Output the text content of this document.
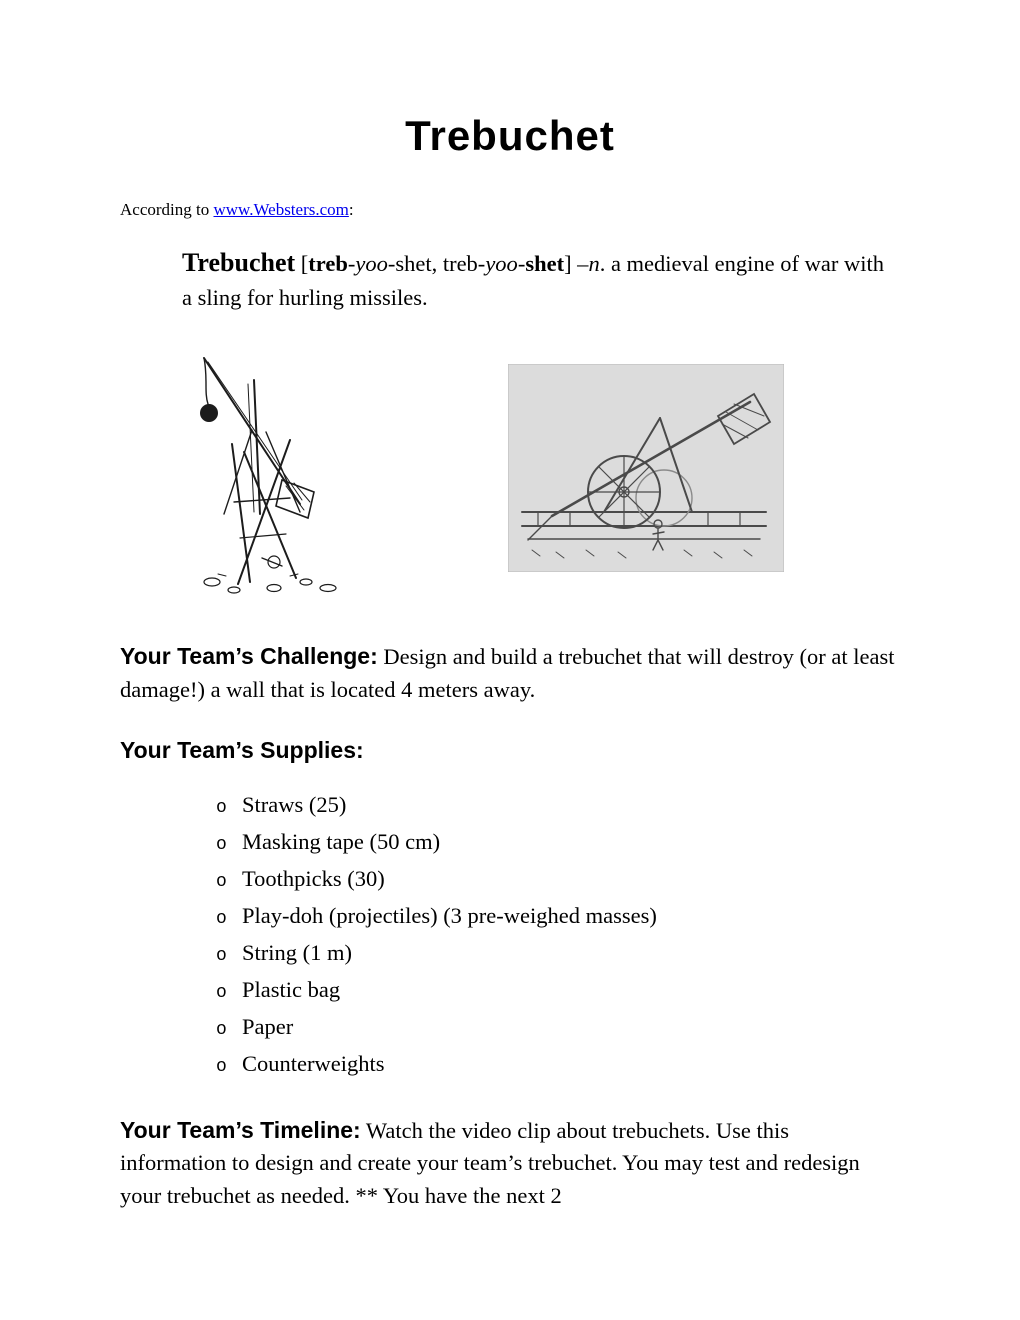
Trebuchet

According to www.Websters.com:

Trebuchet [treb-yoo-shet, treb-yoo-shet] –n. a medieval engine of war with a sling for hurling missiles.

Your Team’s Challenge: Design and build a trebuchet that will destroy (or at least damage!) a wall that is located 4 meters away.

Your Team’s Supplies:

o Straws (25)
o Masking tape (50 cm)
o Toothpicks (30)
o Play-doh (projectiles) (3 pre-weighed masses)
o String (1 m)
o Plastic bag
o Paper
o Counterweights

Your Team’s Timeline: Watch the video clip about trebuchets. Use this information to design and create your team’s trebuchet. You may test and redesign your trebuchet as needed. ** You have the next 2
